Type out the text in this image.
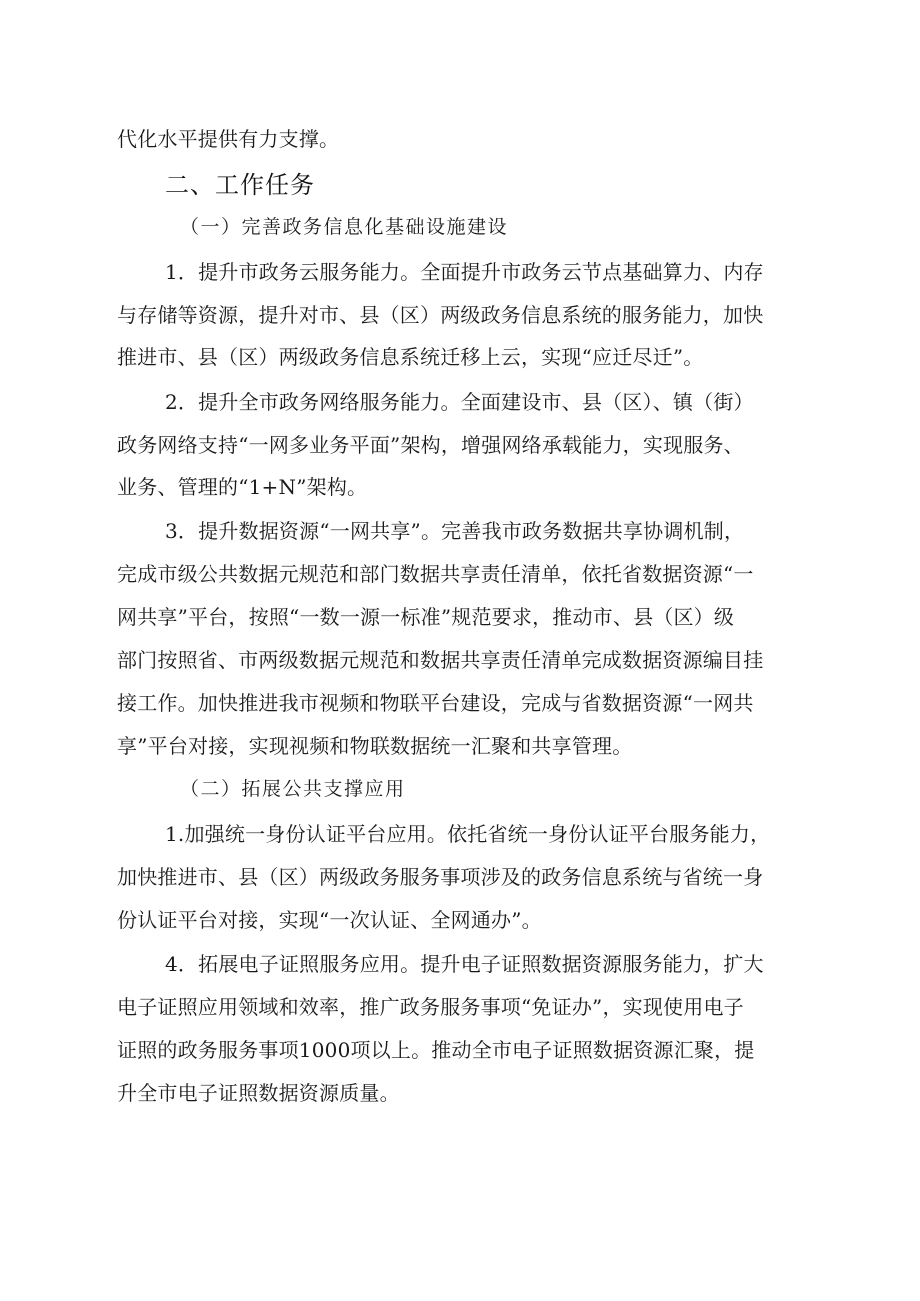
代化水平提供有力支撑。
二、工作任务
（一）完善政务信息化基础设施建设
1．提升市政务云服务能力。全面提升市政务云节点基础算力、内存
与存储等资源，提升对市、县（区）两级政务信息系统的服务能力，加快
推进市、县（区）两级政务信息系统迁移上云，实现“应迁尽迁”。
2．提升全市政务网络服务能力。全面建设市、县（区）、镇（街）
政务网络支持“一网多业务平面”架构，增强网络承载能力，实现服务、
业务、管理的“1+N”架构。
3．提升数据资源“一网共享”。完善我市政务数据共享协调机制，
完成市级公共数据元规范和部门数据共享责任清单，依托省数据资源“一
网共享”平台，按照“一数一源一标准”规范要求，推动市、县（区）级
部门按照省、市两级数据元规范和数据共享责任清单完成数据资源编目挂
接工作。加快推进我市视频和物联平台建设，完成与省数据资源“一网共
享”平台对接，实现视频和物联数据统一汇聚和共享管理。
（二）拓展公共支撑应用
1.加强统一身份认证平台应用。依托省统一身份认证平台服务能力，
加快推进市、县（区）两级政务服务事项涉及的政务信息系统与省统一身
份认证平台对接，实现“一次认证、全网通办”。
4．拓展电子证照服务应用。提升电子证照数据资源服务能力，扩大
电子证照应用领域和效率，推广政务服务事项“免证办”，实现使用电子
证照的政务服务事项1000项以上。推动全市电子证照数据资源汇聚，提
升全市电子证照数据资源质量。
